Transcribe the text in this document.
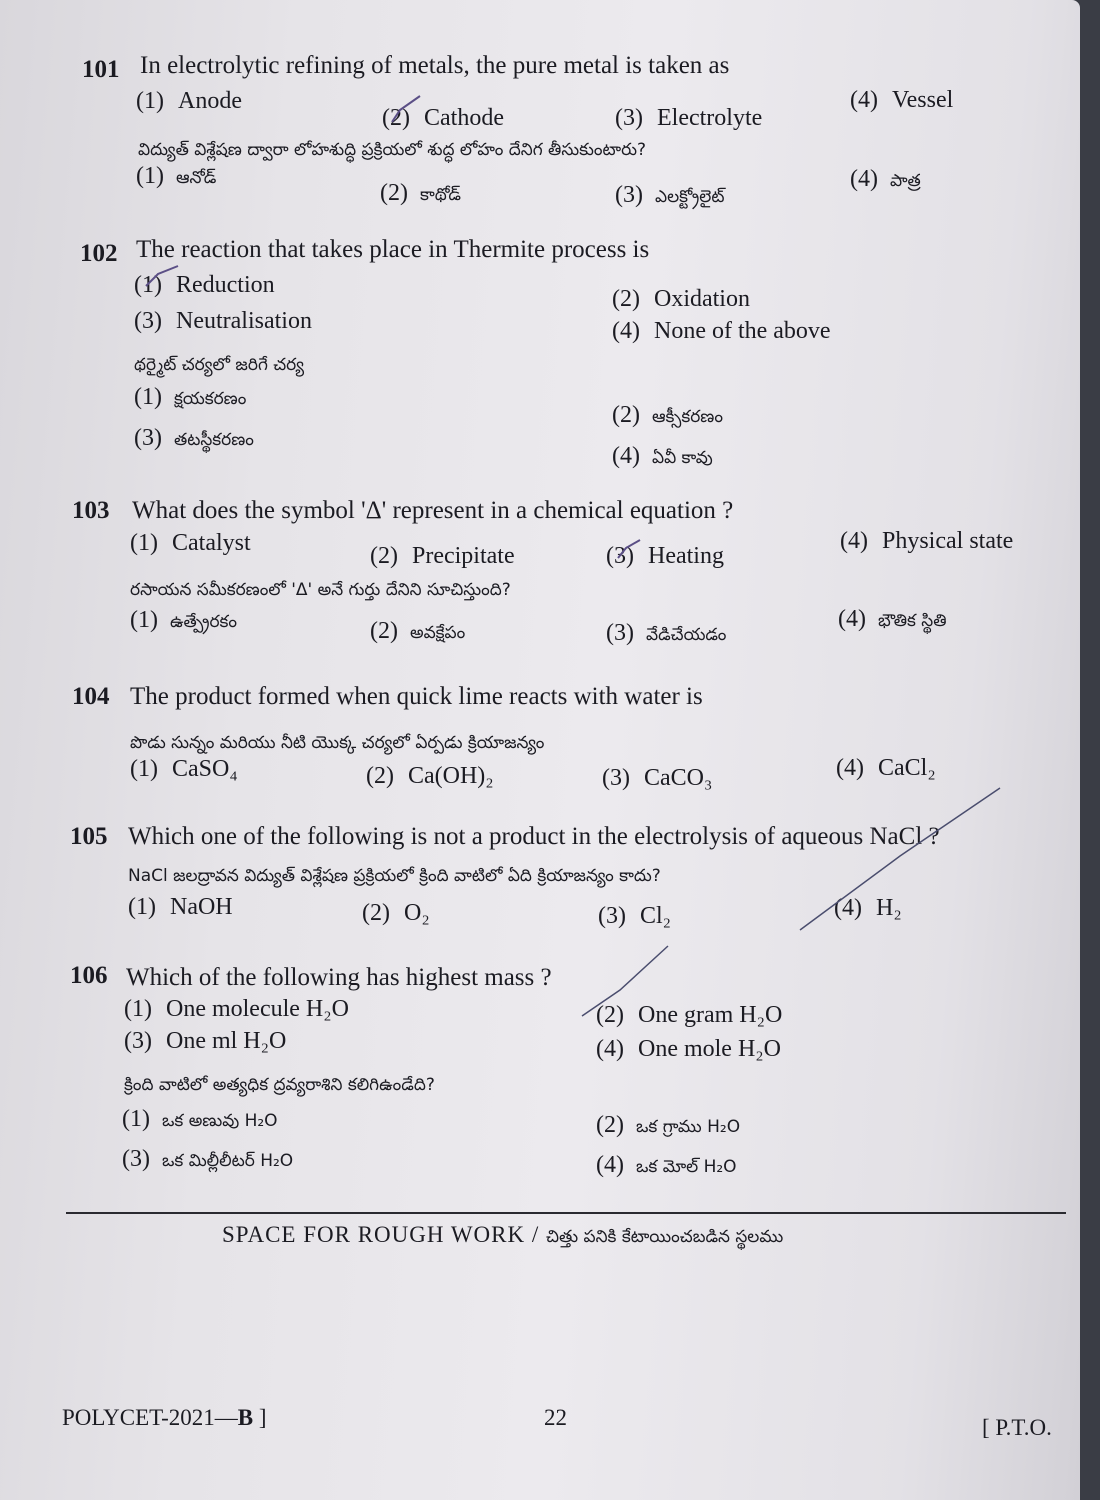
101 In electrolytic refining of metals, the pure metal is taken as
(1) Anode
(2) Cathode	(3) Electrolyte
(4) Vessel
విద్యుత్ విశ్లేషణ ద్వారా లోహశుద్ధి ప్రక్రియలో శుద్ధ లోహం దేనిగ తీసుకుంటారు?
(1) ఆనోడ్
(2) కాథోడ్	(3) ఎలక్ట్రోలైట్
(4) పాత్ర
102 The reaction that takes place in Thermite process is
(1) Reduction
(2) Oxidation
(3) Neutralisation	(4) None of the above
థర్మైట్ చర్యలో జరిగే చర్య
(1) క్షయకరణం
(2) ఆక్సీకరణం
(3) తటస్థీకరణం
(4) ఏవీ కావు
103 What does the symbol 'Δ' represent in a chemical equation ?
(1) Catalyst	(2) Precipitate	(3) Heating
(4) Physical state
రసాయన సమీకరణంలో 'Δ' అనే గుర్తు దేనిని సూచిస్తుంది?
(1) ఉత్ప్రేరకం	(2) అవక్షేపం	(3) వేడిచేయడం
(4) భౌతిక స్థితి
104 The product formed when quick lime reacts with water is
పొడు సున్నం మరియు నీటి యొక్క చర్యలో ఏర్పడు క్రియాజన్యం
(1) CaSO₄	(2) Ca(OH)₂	(3) CaCO₃	(4) CaCl₂
105 Which one of the following is not a product in the electrolysis of aqueous NaCl ?
NaCl జలద్రావన విద్యుత్ విశ్లేషణ ప్రక్రియలో క్రింది వాటిలో ఏది క్రియాజన్యం కాదు?
(1) NaOH	(2) O₂	(3) Cl₂	(4) H₂
106 Which of the following has highest mass ?
(1) One molecule H₂O	(2) One gram H₂O
(3) One ml H₂O	(4) One mole H₂O
క్రింది వాటిలో అత్యధిక ద్రవ్యరాశిని కలిగిఉండేది?
(1) ఒక అణువు H₂O	(2) ఒక గ్రాము H₂O
(3) ఒక మిల్లీలీటర్ H₂O	(4) ఒక మోల్ H₂O
SPACE FOR ROUGH WORK / చిత్తు పనికి కేటాయించబడిన స్థలము
POLYCET-2021—B ]	22	[ P.T.O.
